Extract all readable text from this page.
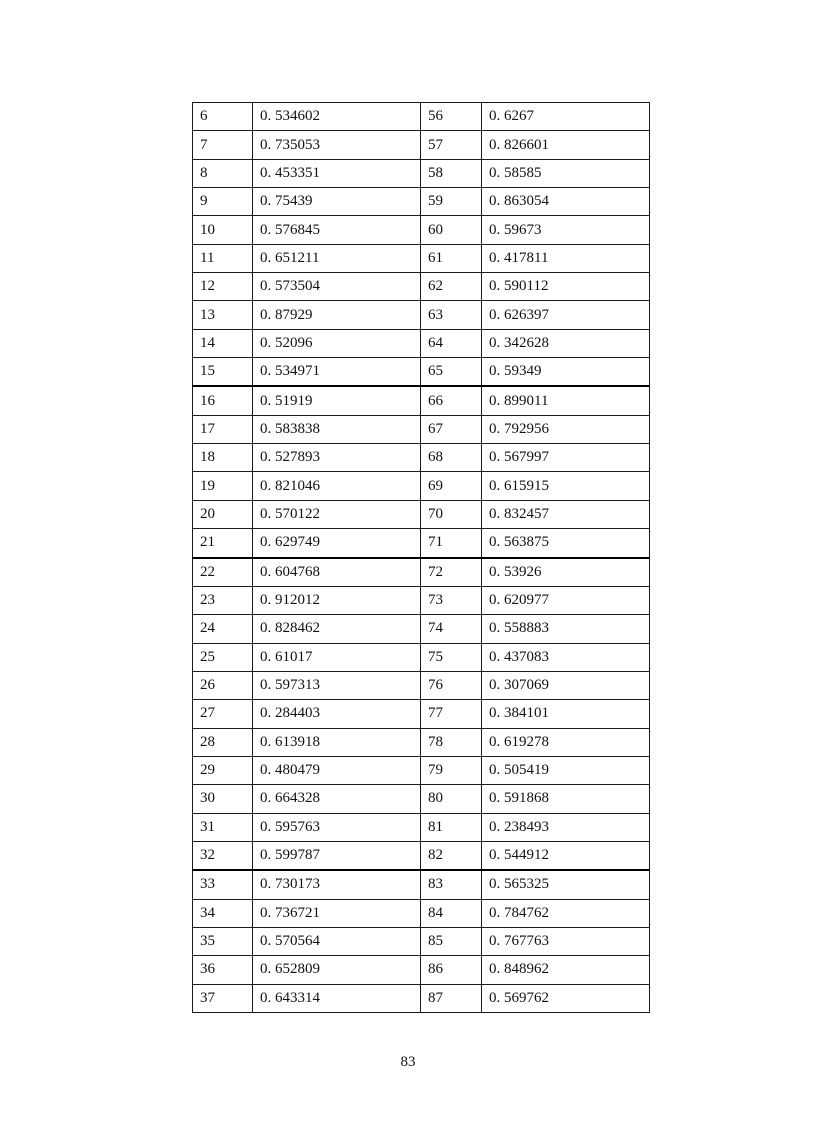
6	0. 534602	56	0. 6267
7	0. 735053	57	0. 826601
8	0. 453351	58	0. 58585
9	0. 75439	59	0. 863054
10	0. 576845	60	0. 59673
11	0. 651211	61	0. 417811
12	0. 573504	62	0. 590112
13	0. 87929	63	0. 626397
14	0. 52096	64	0. 342628
15	0. 534971	65	0. 59349
16	0. 51919	66	0. 899011
17	0. 583838	67	0. 792956
18	0. 527893	68	0. 567997
19	0. 821046	69	0. 615915
20	0. 570122	70	0. 832457
21	0. 629749	71	0. 563875
22	0. 604768	72	0. 53926
23	0. 912012	73	0. 620977
24	0. 828462	74	0. 558883
25	0. 61017	75	0. 437083
26	0. 597313	76	0. 307069
27	0. 284403	77	0. 384101
28	0. 613918	78	0. 619278
29	0. 480479	79	0. 505419
30	0. 664328	80	0. 591868
31	0. 595763	81	0. 238493
32	0. 599787	82	0. 544912
33	0. 730173	83	0. 565325
34	0. 736721	84	0. 784762
35	0. 570564	85	0. 767763
36	0. 652809	86	0. 848962
37	0. 643314	87	0. 569762
83
